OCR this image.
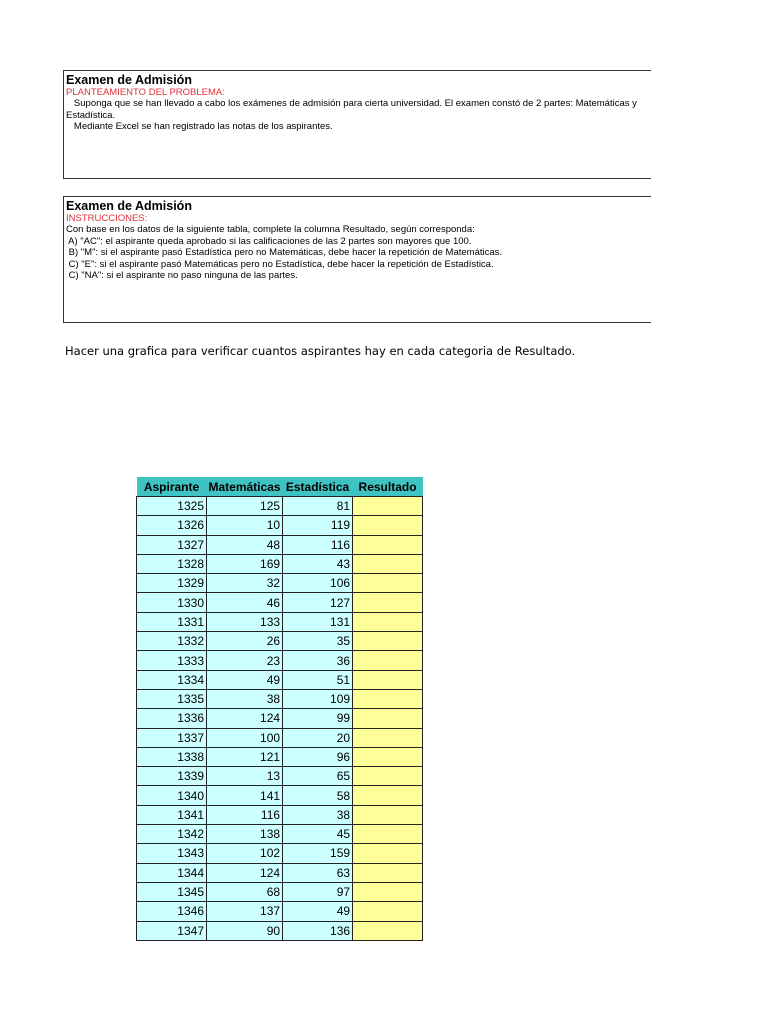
Examen de Admisión
PLANTEAMIENTO DEL PROBLEMA:
Suponga que se han llevado a cabo los exámenes de admisión para cierta universidad. El examen constó de 2 partes: Matemáticas y
Estadística.
Mediante Excel se han registrado las notas de los aspirantes.
Examen de Admisión
INSTRUCCIONES:
Con base en los datos de la siguiente tabla, complete la columna Resultado, según corresponda:
A) "AC": el aspirante queda aprobado si las calificaciones de las 2 partes son mayores que 100.
B) "M": si el aspirante pasó Estadística pero no Matemáticas, debe hacer la repetición de Matemáticas.
C) "E": si el aspirante pasó Matemáticas pero no Estadística, debe hacer la repetición de Estadística.
C) "NA": si el aspirante no paso ninguna de las partes.
Hacer una grafica para verificar cuantos aspirantes hay en cada categoria de Resultado.
Aspirante	Matemáticas	Estadística	Resultado
1325	125	81	
1326	10	119	
1327	48	116	
1328	169	43	
1329	32	106	
1330	46	127	
1331	133	131	
1332	26	35	
1333	23	36	
1334	49	51	
1335	38	109	
1336	124	99	
1337	100	20	
1338	121	96	
1339	13	65	
1340	141	58	
1341	116	38	
1342	138	45	
1343	102	159	
1344	124	63	
1345	68	97	
1346	137	49	
1347	90	136	
